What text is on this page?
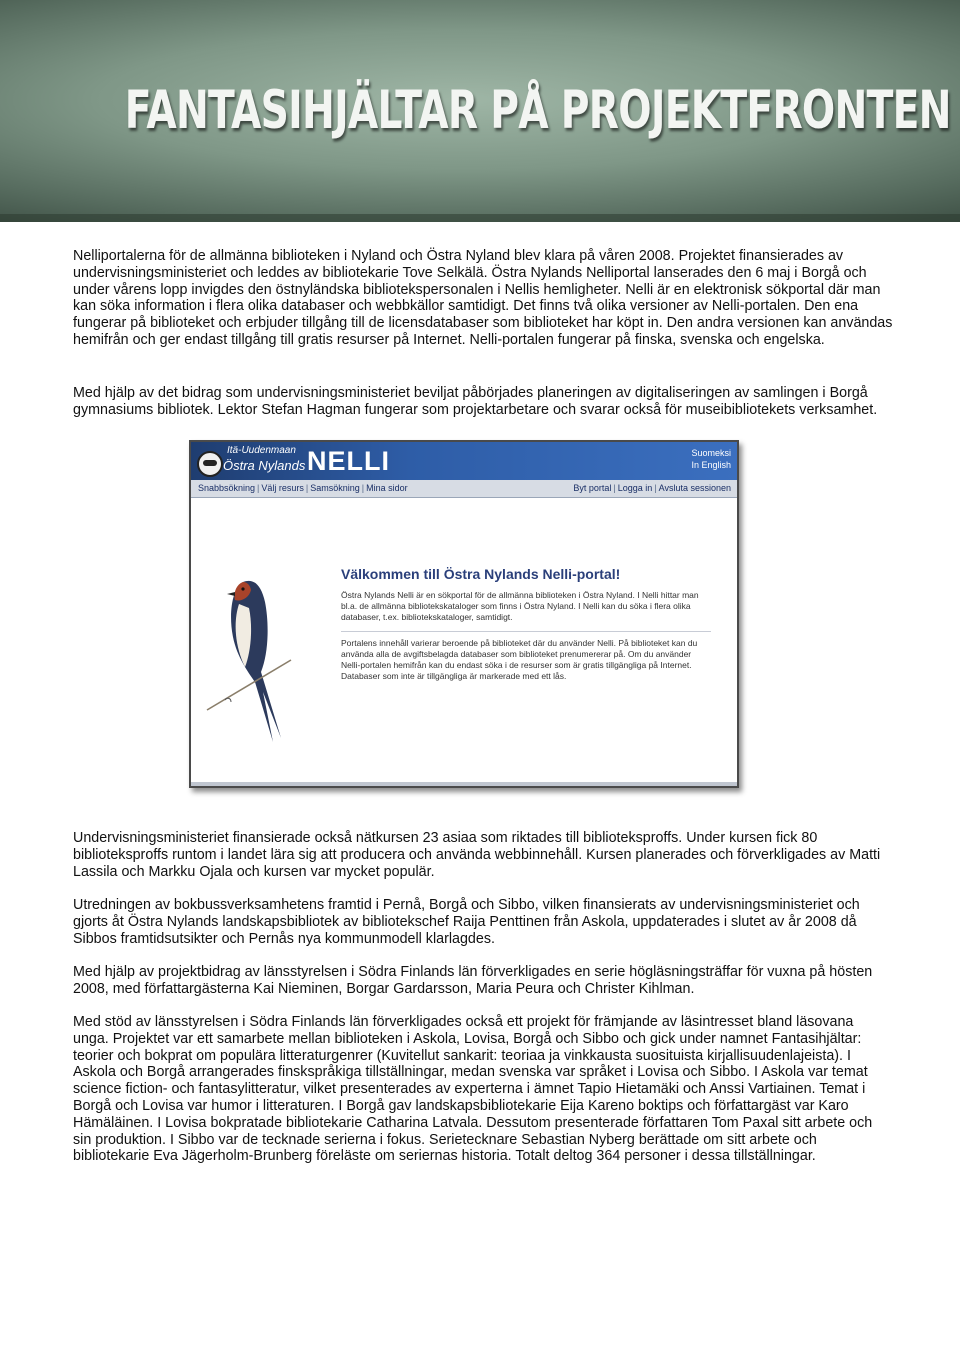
FANTASIHJÄLTAR PÅ PROJEKTFRONTEN

Nelliportalerna för de allmänna biblioteken i Nyland och Östra Nyland blev klara på våren 2008. Projektet finansierades av undervisningsministeriet och leddes av bibliotekarie Tove Selkälä. Östra Nylands Nelliportal lanserades den 6 maj i Borgå och under vårens lopp invigdes den östnyländska bibliotekspersonalen i Nellis hemligheter. Nelli är en elektronisk sökportal där man kan söka information i flera olika databaser och webbkällor samtidigt. Det finns två olika versioner av Nelli-portalen. Den ena fungerar på biblioteket och erbjuder tillgång till de licensdatabaser som biblioteket har köpt in. Den andra versionen kan användas hemifrån och ger endast tillgång till gratis resurser på Internet. Nelli-portalen fungerar på finska, svenska och engelska.

Med hjälp av det bidrag som undervisningsministeriet beviljat påbörjades planeringen av digitaliseringen av samlingen i Borgå gymnasiums bibliotek. Lektor Stefan Hagman fungerar som projektarbetare och svarar också för museibibliotekets verksamhet.

Itä-Uudenmaan
Östra Nylands NELLI	Suomeksi
In English
Snabbsökning | Välj resurs | Samsökning | Mina sidor	Byt portal | Logga in | Avsluta sessionen
Välkommen till Östra Nylands Nelli-portal!
Östra Nylands Nelli är en sökportal för de allmänna biblioteken i Östra Nyland. I Nelli hittar man bl.a. de allmänna bibliotekskataloger som finns i Östra Nyland. I Nelli kan du söka i flera olika databaser, t.ex. bibliotekskataloger, samtidigt.
Portalens innehåll varierar beroende på biblioteket där du använder Nelli. På biblioteket kan du använda alla de avgiftsbelagda databaser som biblioteket prenumererar på. Om du använder Nelli-portalen hemifrån kan du endast söka i de resurser som är gratis tillgängliga på Internet. Databaser som inte är tillgängliga är markerade med ett lås.

Undervisningsministeriet finansierade också nätkursen 23 asiaa som riktades till biblioteksproffs. Under kursen fick 80 biblioteksproffs runtom i landet lära sig att producera och använda webbinnehåll. Kursen planerades och förverkligades av Matti Lassila och Markku Ojala och kursen var mycket populär.

Utredningen av bokbussverksamhetens framtid i Pernå, Borgå och Sibbo, vilken finansierats av undervisningsministeriet och gjorts åt Östra Nylands landskapsbibliotek av bibliotekschef Raija Penttinen från Askola, uppdaterades i slutet av år 2008 då Sibbos framtidsutsikter och Pernås nya kommunmodell klarlagdes.

Med hjälp av projektbidrag av länsstyrelsen i Södra Finlands län förverkligades en serie högläsningsträffar för vuxna på hösten 2008, med författargästerna Kai Nieminen, Borgar Gardarsson, Maria Peura och Christer Kihlman.

Med stöd av länsstyrelsen i Södra Finlands län förverkligades också ett projekt för främjande av läsintresset bland läsovana unga. Projektet var ett samarbete mellan biblioteken i Askola, Lovisa, Borgå och Sibbo och gick under namnet Fantasihjältar: teorier och bokprat om populära litteraturgenrer (Kuvitellut sankarit: teoriaa ja vinkkausta suosituista kirjallisuudenlajeista). I Askola och Borgå arrangerades finskspråkiga tillställningar, medan svenska var språket i Lovisa och Sibbo. I Askola var temat science fiction- och fantasylitteratur, vilket presenterades av experterna i ämnet Tapio Hietamäki och Anssi Vartiainen. Temat i Borgå och Lovisa var humor i litteraturen. I Borgå gav landskapsbibliotekarie Eija Kareno boktips och författargäst var Karo Hämäläinen. I Lovisa bokpratade bibliotekarie Catharina Latvala. Dessutom presenterade författaren Tom Paxal sitt arbete och sin produktion. I Sibbo var de tecknade serierna i fokus. Serietecknare Sebastian Nyberg berättade om sitt arbete och bibliotekarie Eva Jägerholm-Brunberg föreläste om seriernas historia. Totalt deltog 364 personer i dessa tillställningar.
